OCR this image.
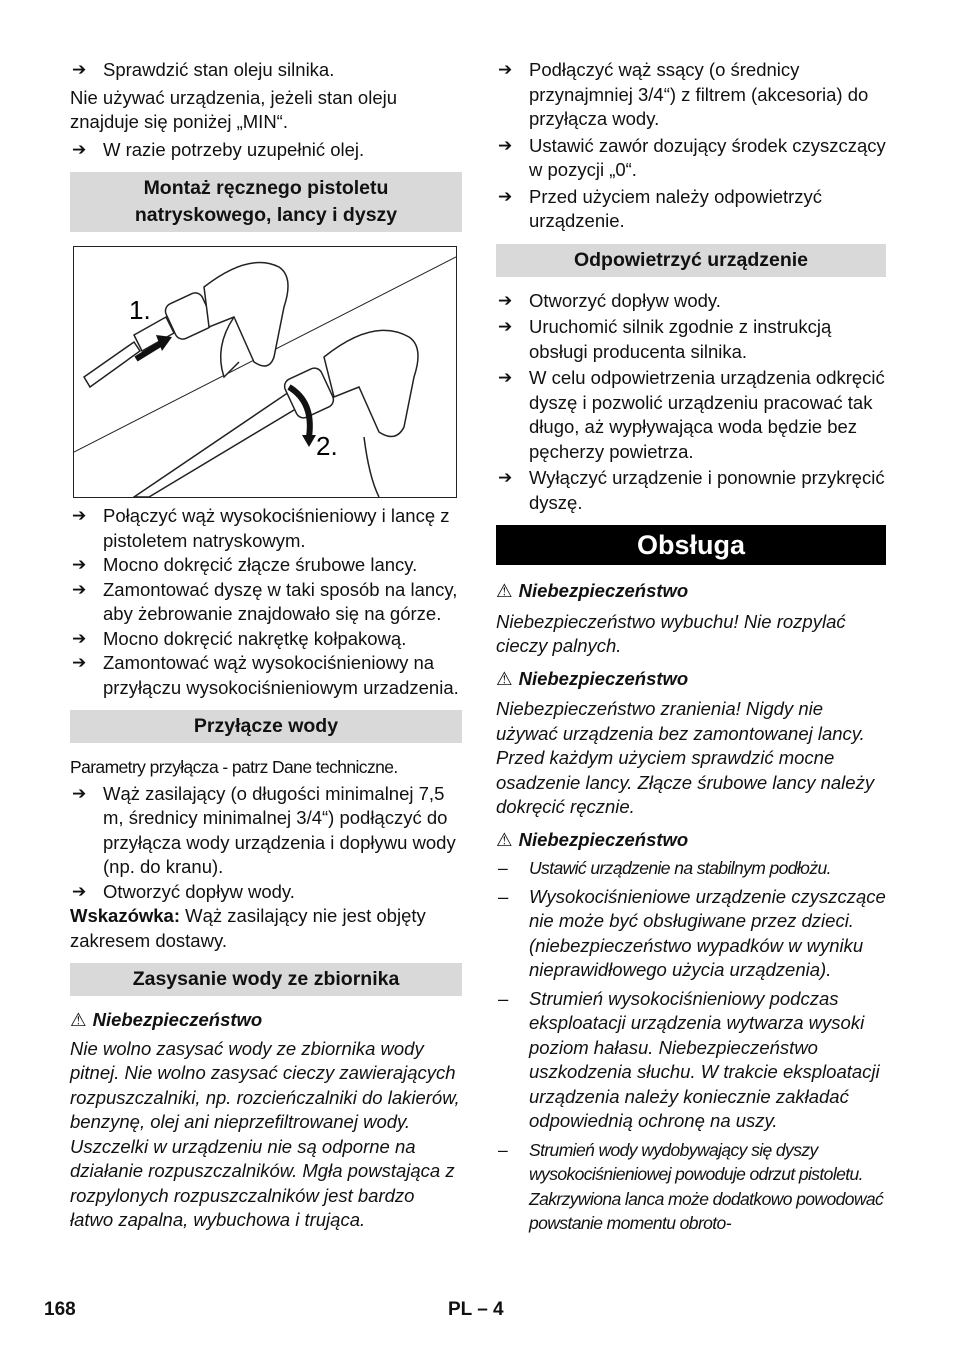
➔ Sprawdzić stan oleju silnika.

Nie używać urządzenia, jeżeli stan oleju znajduje się poniżej „MIN“.

➔ W razie potrzeby uzupełnić olej.

Montaż ręcznego pistoletu natryskowego, lancy i dyszy
1.
2.

➔ Połączyć wąż wysokociśnieniowy i lancę z pistoletem natryskowym.

➔ Mocno dokręcić złącze śrubowe lancy.

➔ Zamontować dyszę w taki sposób na lancy, aby żebrowanie znajdowało się na górze.

➔ Mocno dokręcić nakrętkę kołpakową.

➔ Zamontować wąż wysokociśnieniowy na przyłączu wysokociśnieniowym urzadzenia.

Przyłącze wody

Parametry przyłącza - patrz Dane techniczne.

➔ Wąż zasilający (o długości minimalnej 7,5 m, średnicy minimalnej 3/4“) podłączyć do przyłącza wody urządzenia i dopływu wody (np. do kranu).

➔ Otworzyć dopływ wody.

Wskazówka: Wąż zasilający nie jest objęty zakresem dostawy.

Zasysanie wody ze zbiornika

⚠ Niebezpieczeństwo

Nie wolno zasysać wody ze zbiornika wody pitnej. Nie wolno zasysać cieczy zawierających rozpuszczalniki, np. rozcieńczalniki do lakierów, benzynę, olej ani nieprzefiltrowanej wody. Uszczelki w urządzeniu nie są odporne na działanie rozpuszczalników. Mgła powstająca z rozpylonych rozpuszczalników jest bardzo łatwo zapalna, wybuchowa i trująca.

➔ Podłączyć wąż ssący (o średnicy przynajmniej 3/4“) z filtrem (akcesoria) do przyłącza wody.

➔ Ustawić zawór dozujący środek czyszczący w pozycji „0“.

➔ Przed użyciem należy odpowietrzyć urządzenie.

Odpowietrzyć urządzenie

➔ Otworzyć dopływ wody.

➔ Uruchomić silnik zgodnie z instrukcją obsługi producenta silnika.

➔ W celu odpowietrzenia urządzenia odkręcić dyszę i pozwolić urządzeniu pracować tak długo, aż wypływająca woda będzie bez pęcherzy powietrza.

➔ Wyłączyć urządzenie i ponownie przykręcić dyszę.

Obsługa

⚠ Niebezpieczeństwo

Niebezpieczeństwo wybuchu! Nie rozpylać cieczy palnych.

⚠ Niebezpieczeństwo

Niebezpieczeństwo zranienia! Nigdy nie używać urządzenia bez zamontowanej lancy. Przed każdym użyciem sprawdzić mocne osadzenie lancy. Złącze śrubowe lancy należy dokręcić ręcznie.

⚠ Niebezpieczeństwo

– Ustawić urządzenie na stabilnym podłożu.

– Wysokociśnieniowe urządzenie czyszczące nie może być obsługiwane przez dzieci. (niebezpieczeństwo wypadków w wyniku nieprawidłowego użycia urządzenia).

– Strumień wysokociśnieniowy podczas eksploatacji urządzenia wytwarza wysoki poziom hałasu. Niebezpieczeństwo uszkodzenia słuchu. W trakcie eksploatacji urządzenia należy koniecznie zakładać odpowiednią ochronę na uszy.

– Strumień wody wydobywający się dyszy wysokociśnieniowej powoduje odrzut pistoletu. Zakrzywiona lanca może dodatkowo powodować powstanie momentu obroto-

168	PL – 4
